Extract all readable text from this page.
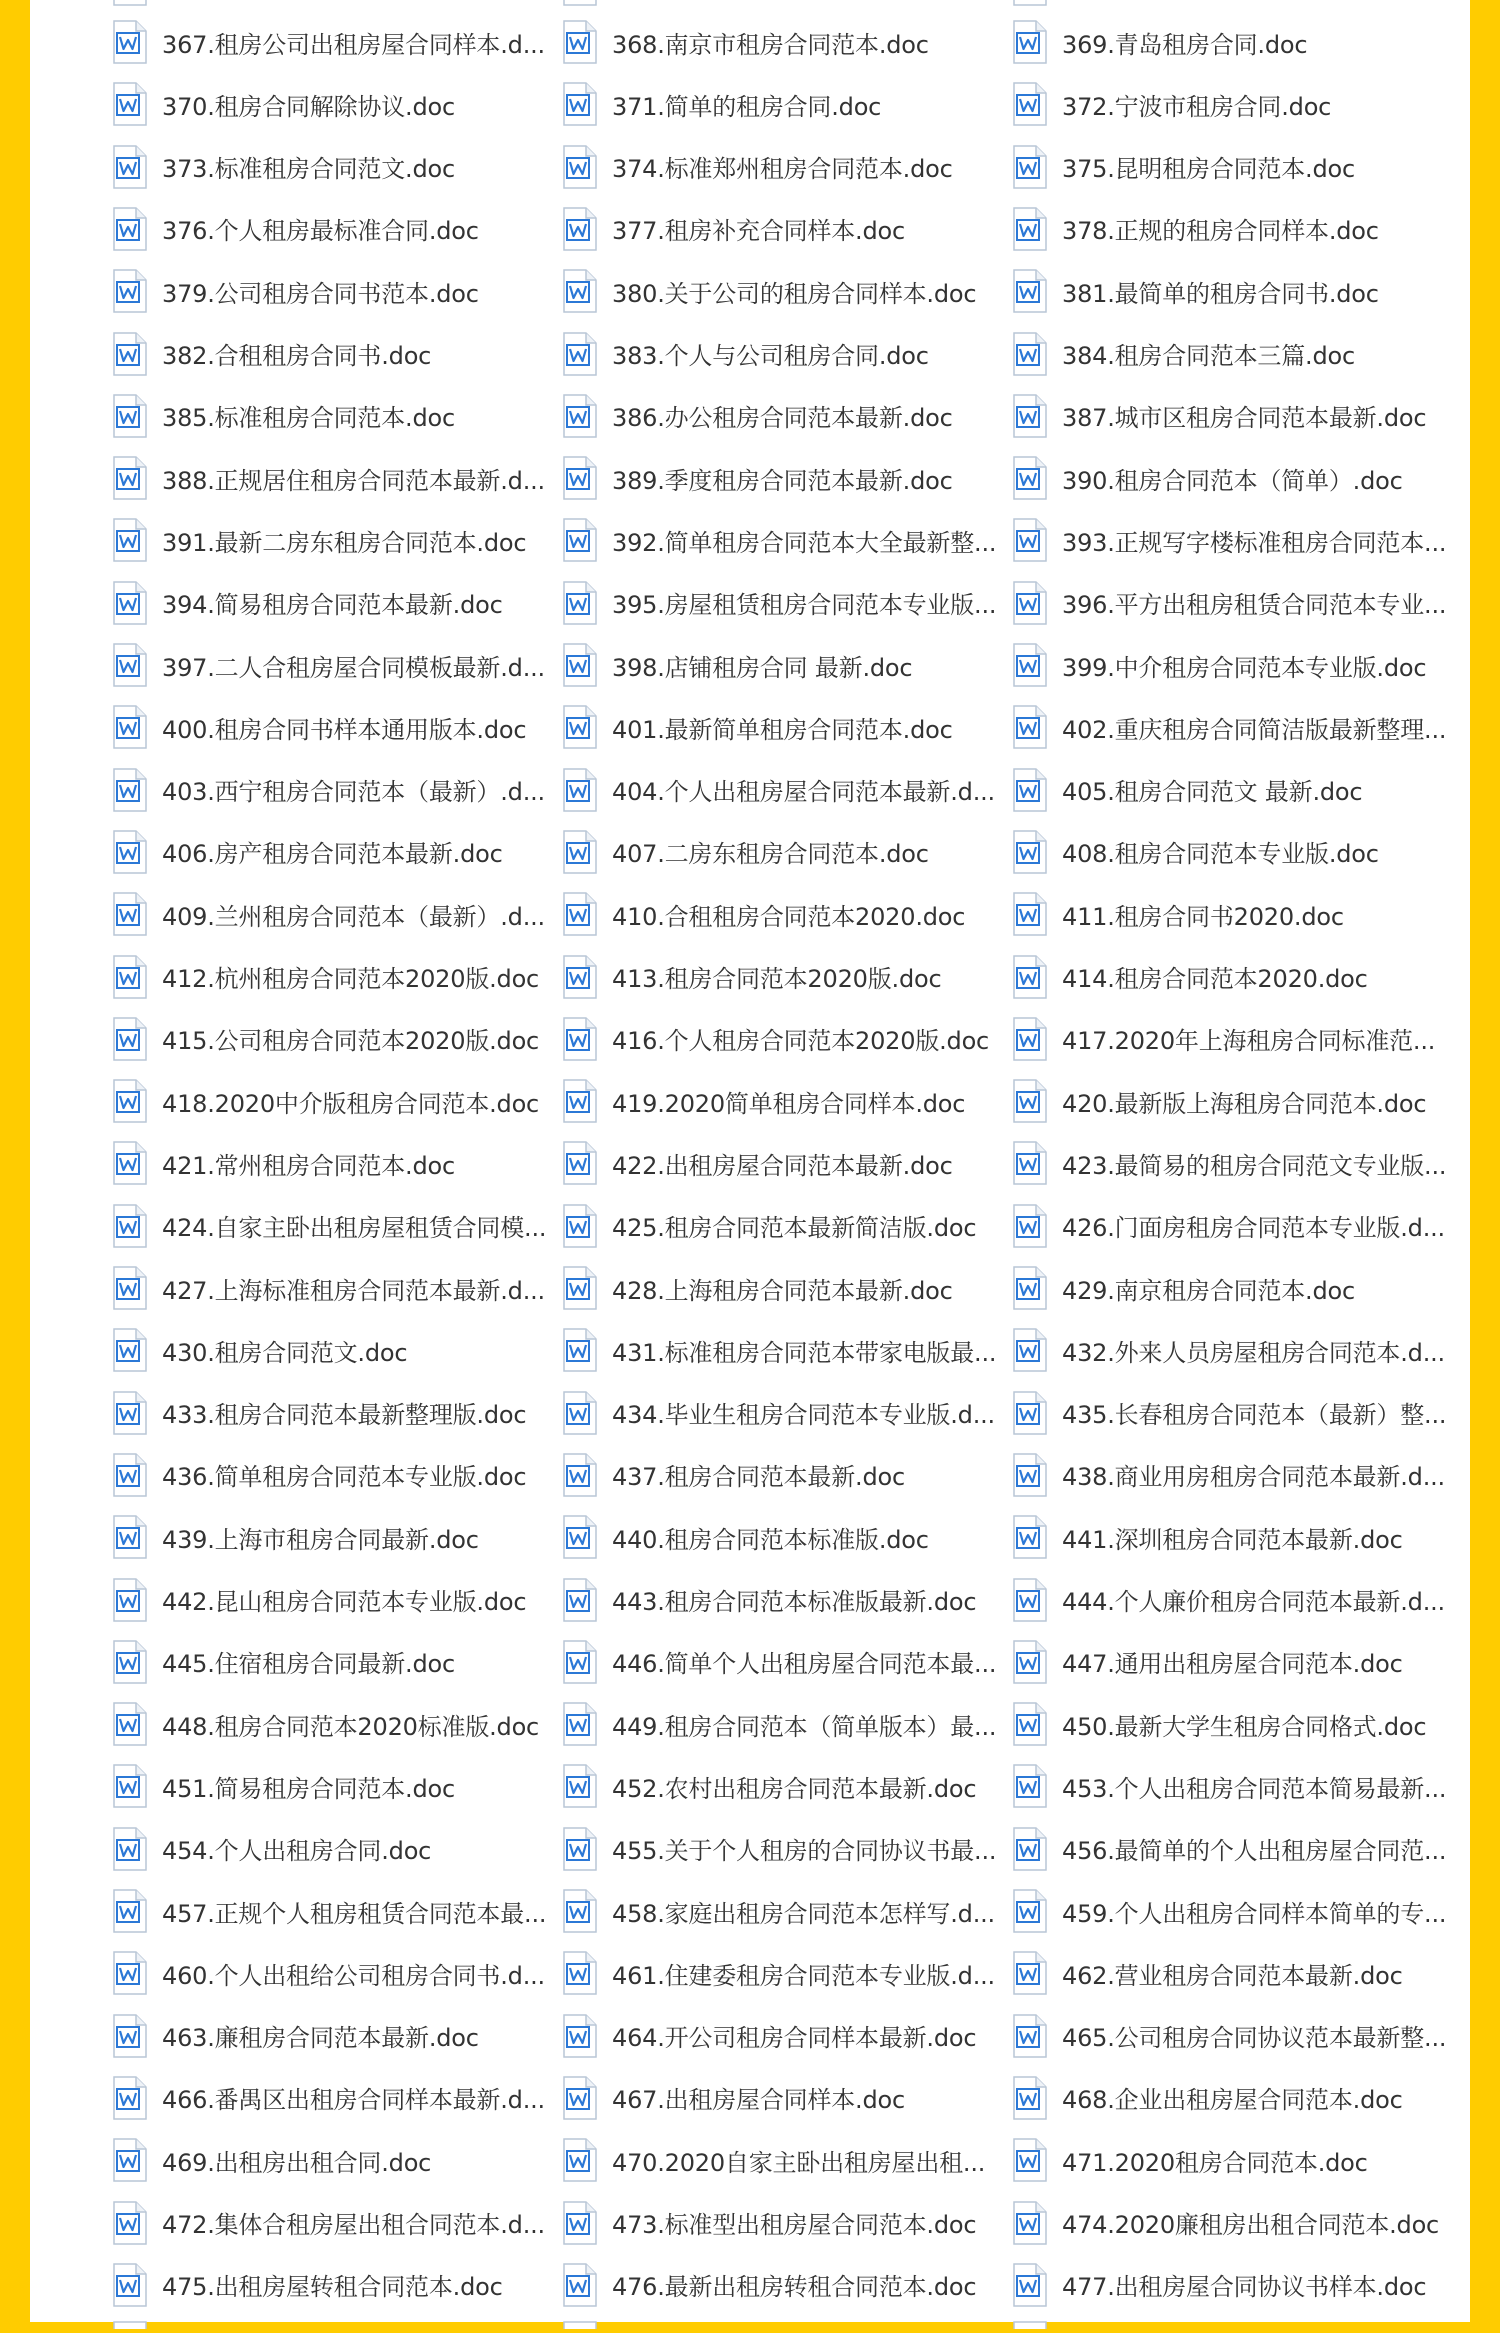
367.租房公司出租房屋合同样本.d...	368.南京市租房合同范本.doc	369.青岛租房合同.doc
370.租房合同解除协议.doc	371.简单的租房合同.doc	372.宁波市租房合同.doc
373.标准租房合同范文.doc	374.标准郑州租房合同范本.doc	375.昆明租房合同范本.doc
376.个人租房最标准合同.doc	377.租房补充合同样本.doc	378.正规的租房合同样本.doc
379.公司租房合同书范本.doc	380.关于公司的租房合同样本.doc	381.最简单的租房合同书.doc
382.合租租房合同书.doc	383.个人与公司租房合同.doc	384.租房合同范本三篇.doc
385.标准租房合同范本.doc	386.办公租房合同范本最新.doc	387.城市区租房合同范本最新.doc
388.正规居住租房合同范本最新.d...	389.季度租房合同范本最新.doc	390.租房合同范本（简单）.doc
391.最新二房东租房合同范本.doc	392.简单租房合同范本大全最新整...	393.正规写字楼标准租房合同范本...
394.简易租房合同范本最新.doc	395.房屋租赁租房合同范本专业版...	396.平方出租房租赁合同范本专业...
397.二人合租房屋合同模板最新.d...	398.店铺租房合同 最新.doc	399.中介租房合同范本专业版.doc
400.租房合同书样本通用版本.doc	401.最新简单租房合同范本.doc	402.重庆租房合同简洁版最新整理...
403.西宁租房合同范本（最新）.d...	404.个人出租房屋合同范本最新.d...	405.租房合同范文 最新.doc
406.房产租房合同范本最新.doc	407.二房东租房合同范本.doc	408.租房合同范本专业版.doc
409.兰州租房合同范本（最新）.d...	410.合租租房合同范本2020.doc	411.租房合同书2020.doc
412.杭州租房合同范本2020版.doc	413.租房合同范本2020版.doc	414.租房合同范本2020.doc
415.公司租房合同范本2020版.doc	416.个人租房合同范本2020版.doc	417.2020年上海租房合同标准范...
418.2020中介版租房合同范本.doc	419.2020简单租房合同样本.doc	420.最新版上海租房合同范本.doc
421.常州租房合同范本.doc	422.出租房屋合同范本最新.doc	423.最简易的租房合同范文专业版...
424.自家主卧出租房屋租赁合同模...	425.租房合同范本最新简洁版.doc	426.门面房租房合同范本专业版.d...
427.上海标准租房合同范本最新.d...	428.上海租房合同范本最新.doc	429.南京租房合同范本.doc
430.租房合同范文.doc	431.标准租房合同范本带家电版最...	432.外来人员房屋租房合同范本.d...
433.租房合同范本最新整理版.doc	434.毕业生租房合同范本专业版.d...	435.长春租房合同范本（最新）整...
436.简单租房合同范本专业版.doc	437.租房合同范本最新.doc	438.商业用房租房合同范本最新.d...
439.上海市租房合同最新.doc	440.租房合同范本标准版.doc	441.深圳租房合同范本最新.doc
442.昆山租房合同范本专业版.doc	443.租房合同范本标准版最新.doc	444.个人廉价租房合同范本最新.d...
445.住宿租房合同最新.doc	446.简单个人出租房屋合同范本最...	447.通用出租房屋合同范本.doc
448.租房合同范本2020标准版.doc	449.租房合同范本（简单版本）最...	450.最新大学生租房合同格式.doc
451.简易租房合同范本.doc	452.农村出租房合同范本最新.doc	453.个人出租房合同范本简易最新...
454.个人出租房合同.doc	455.关于个人租房的合同协议书最...	456.最简单的个人出租房屋合同范...
457.正规个人租房租赁合同范本最...	458.家庭出租房合同范本怎样写.d...	459.个人出租房合同样本简单的专...
460.个人出租给公司租房合同书.d...	461.住建委租房合同范本专业版.d...	462.营业租房合同范本最新.doc
463.廉租房合同范本最新.doc	464.开公司租房合同样本最新.doc	465.公司租房合同协议范本最新整...
466.番禺区出租房合同样本最新.d...	467.出租房屋合同样本.doc	468.企业出租房屋合同范本.doc
469.出租房出租合同.doc	470.2020自家主卧出租房屋出租...	471.2020租房合同范本.doc
472.集体合租房屋出租合同范本.d...	473.标准型出租房屋合同范本.doc	474.2020廉租房出租合同范本.doc
475.出租房屋转租合同范本.doc	476.最新出租房转租合同范本.doc	477.出租房屋合同协议书样本.doc
